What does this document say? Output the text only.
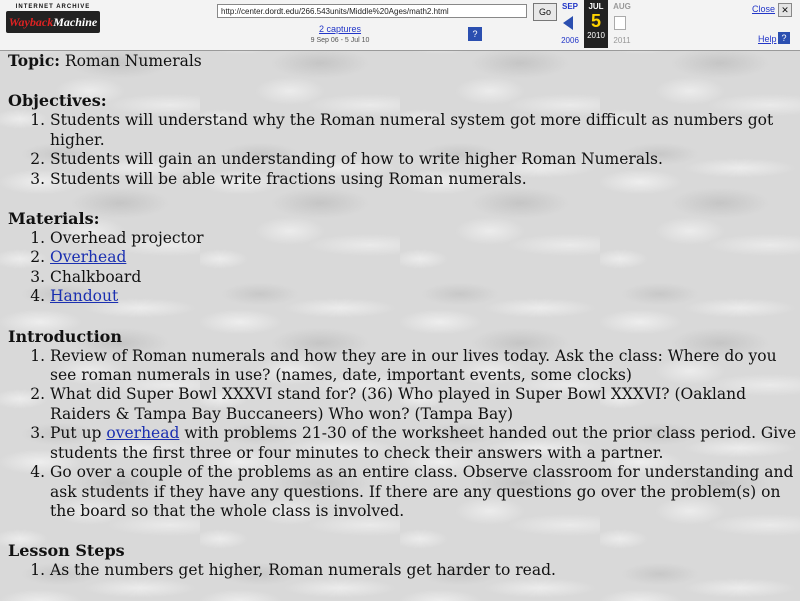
INTERNET ARCHIVE
WaybackMachine
http://center.dordt.edu/266.543units/Middle%20Ages/math2.html	Go
2 captures
9 Sep 06 - 5 Jul 10
?
SEP
2006
JUL
5
2010
AUG
2011
Close ✕
Help ?
Topic: Roman Numerals
Objectives:
1. Students will understand why the Roman numeral system got more difficult as numbers got higher.
2. Students will gain an understanding of how to write higher Roman Numerals.
3. Students will be able write fractions using Roman numerals.
Materials:
1. Overhead projector
2. Overhead
3. Chalkboard
4. Handout
Introduction
1. Review of Roman numerals and how they are in our lives today. Ask the class: Where do you see roman numerals in use? (names, date, important events, some clocks)
2. What did Super Bowl XXXVI stand for? (36) Who played in Super Bowl XXXVI? (Oakland Raiders & Tampa Bay Buccaneers) Who won? (Tampa Bay)
3. Put up overhead with problems 21-30 of the worksheet handed out the prior class period. Give students the first three or four minutes to check their answers with a partner.
4. Go over a couple of the problems as an entire class. Observe classroom for understanding and ask students if they have any questions. If there are any questions go over the problem(s) on the board so that the whole class is involved.
Lesson Steps
1. As the numbers get higher, Roman numerals get harder to read.
